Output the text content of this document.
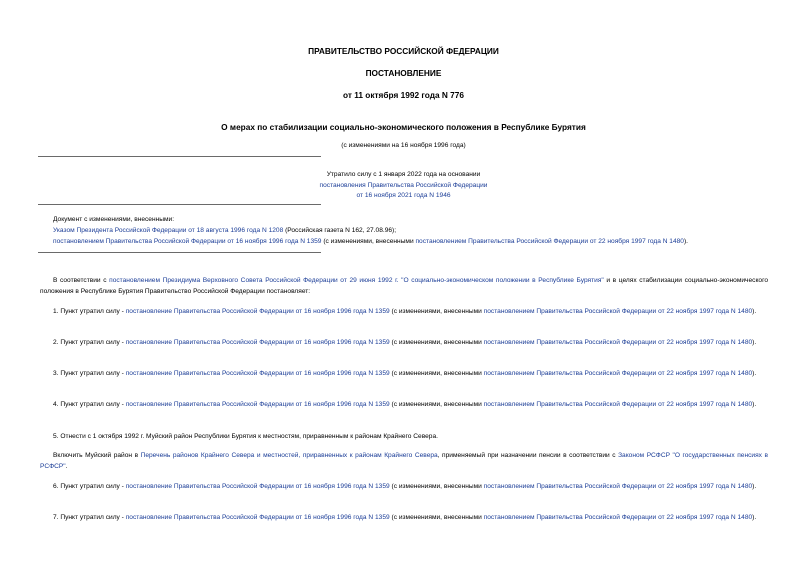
ПРАВИТЕЛЬСТВО РОССИЙСКОЙ ФЕДЕРАЦИИ
ПОСТАНОВЛЕНИЕ
от 11 октября 1992 года N 776
О мерах по стабилизации социально-экономического положения в Республике Бурятия
(с изменениями на 16 ноября 1996 года)
Утратило силу с 1 января 2022 года на основании
постановления Правительства Российской Федерации
от 16 ноября 2021 года N 1946
Документ с изменениями, внесенными:
Указом Президента Российской Федерации от 18 августа 1996 года N 1208 (Российская газета N 162, 27.08.96);
постановлением Правительства Российской Федерации от 16 ноября 1996 года N 1359 (с изменениями, внесенными постановлением Правительства Российской Федерации от 22 ноября 1997 года N 1480).
В соответствии с постановлением Президиума Верховного Совета Российской Федерации от 29 июня 1992 г. "О социально-экономическом положении в Республике Бурятия" и в целях стабилизации социально-экономического положения в Республике Бурятия Правительство Российской Федерации постановляет:
1. Пункт утратил силу - постановление Правительства Российской Федерации от 16 ноября 1996 года N 1359 (с изменениями, внесенными постановлением Правительства Российской Федерации от 22 ноября 1997 года N 1480).
2. Пункт утратил силу - постановление Правительства Российской Федерации от 16 ноября 1996 года N 1359 (с изменениями, внесенными постановлением Правительства Российской Федерации от 22 ноября 1997 года N 1480).
3. Пункт утратил силу - постановление Правительства Российской Федерации от 16 ноября 1996 года N 1359 (с изменениями, внесенными постановлением Правительства Российской Федерации от 22 ноября 1997 года N 1480).
4. Пункт утратил силу - постановление Правительства Российской Федерации от 16 ноября 1996 года N 1359 (с изменениями, внесенными постановлением Правительства Российской Федерации от 22 ноября 1997 года N 1480).
5. Отнести с 1 октября 1992 г. Муйский район Республики Бурятия к местностям, приравненным к районам Крайнего Севера.
Включить Муйский район в Перечень районов Крайнего Севера и местностей, приравненных к районам Крайнего Севера, применяемый при назначении пенсии в соответствии с Законом РСФСР "О государственных пенсиях в РСФСР".
6. Пункт утратил силу - постановление Правительства Российской Федерации от 16 ноября 1996 года N 1359 (с изменениями, внесенными постановлением Правительства Российской Федерации от 22 ноября 1997 года N 1480).
7. Пункт утратил силу - постановление Правительства Российской Федерации от 16 ноября 1996 года N 1359 (с изменениями, внесенными постановлением Правительства Российской Федерации от 22 ноября 1997 года N 1480).
